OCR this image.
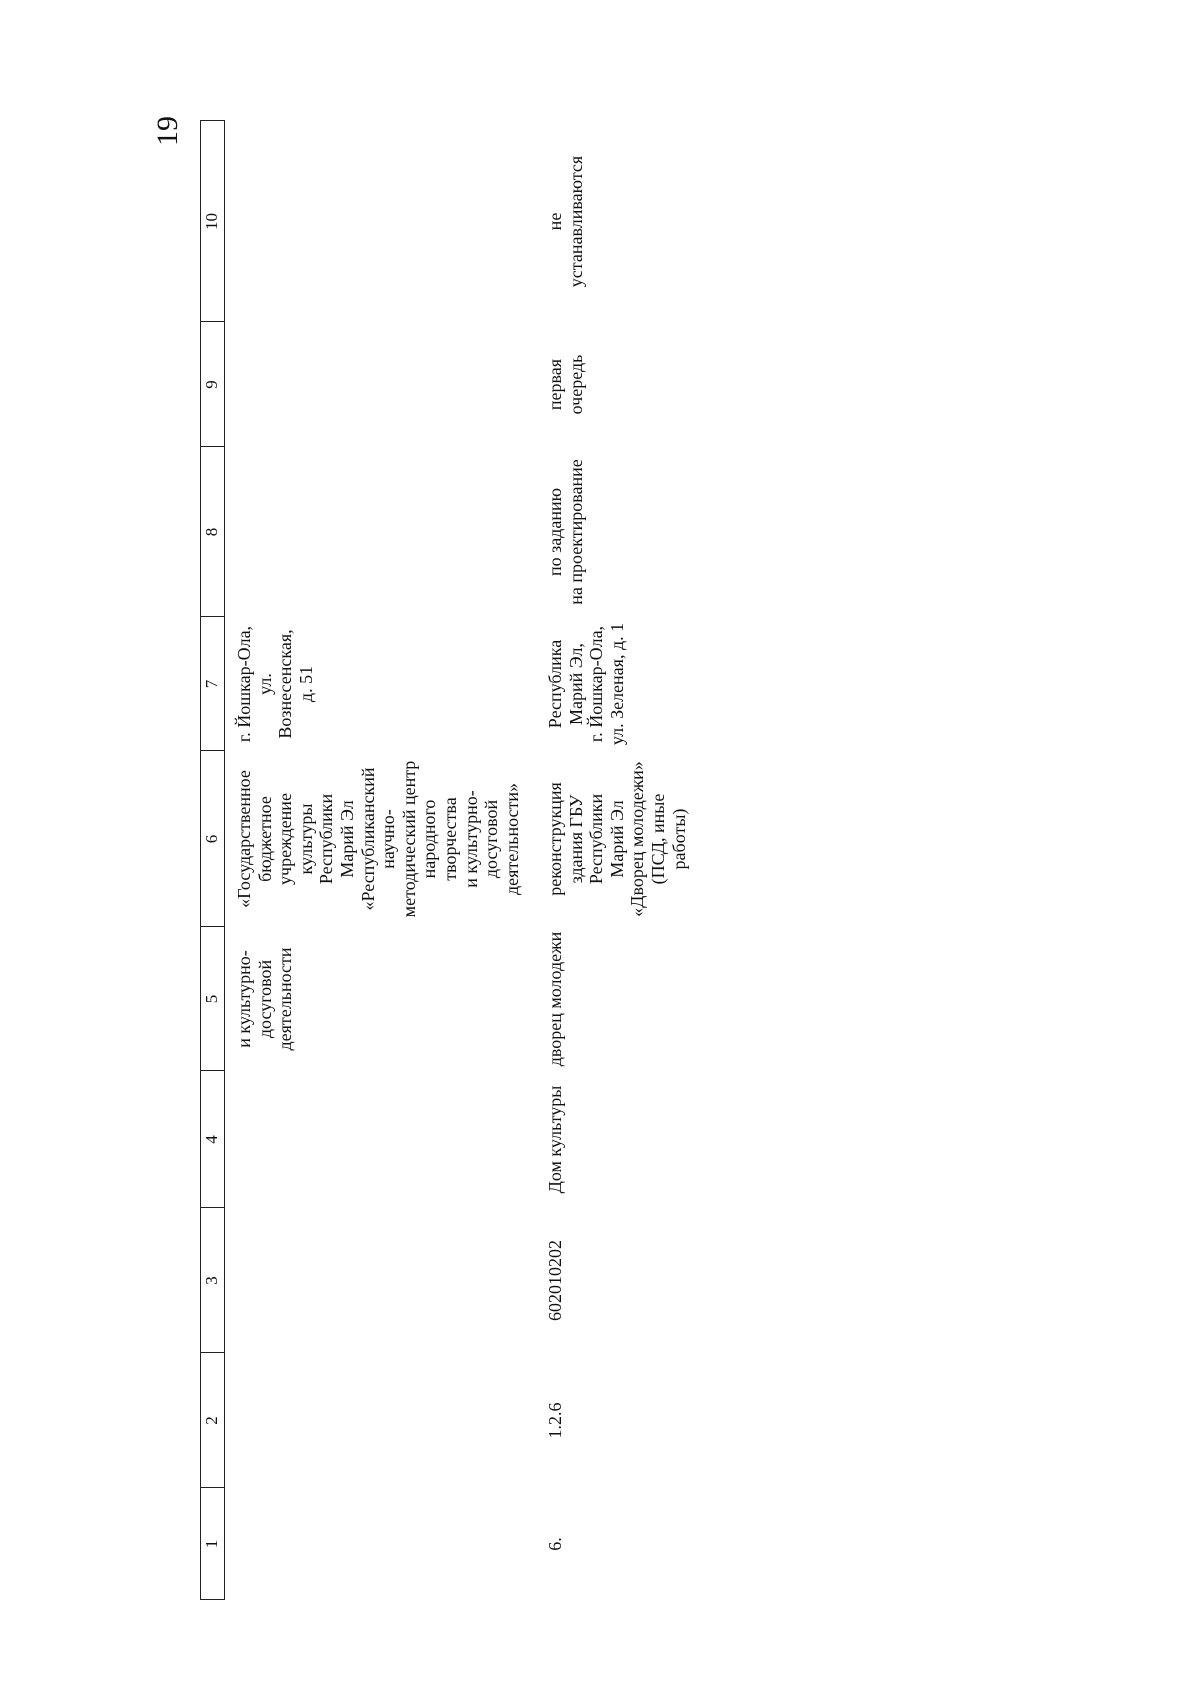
19
1
2
3
4
5
6
7
8
9
10
и культурно-
досуговой
деятельности
«Государственное
бюджетное
учреждение
культуры
Республики
Марий Эл
«Республиканский
научно-
методический центр
народного
творчества
и культурно-
досуговой
деятельности»
г. Йошкар-Ола,
ул. Вознесенская,
д. 51
6.
1.2.6
602010202
Дом культуры
дворец молодежи
реконструкция
здания ГБУ
Республики
Марий Эл
«Дворец молодежи»
(ПСД, иные
работы)
Республика
Марий Эл,
г. Йошкар-Ола,
ул. Зеленая, д. 1
по заданию
на проектирование
первая
очередь
не
устанавливаются
